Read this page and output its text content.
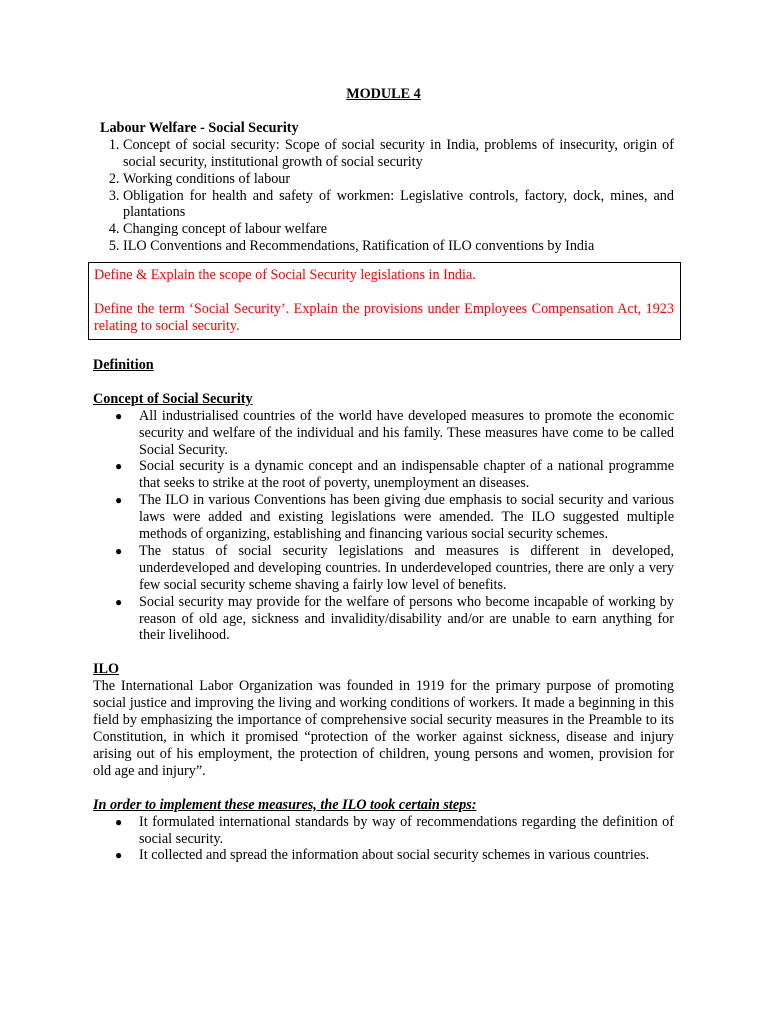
MODULE 4
Labour Welfare - Social Security
1. Concept of social security: Scope of social security in India, problems of insecurity, origin of social security, institutional growth of social security
2. Working conditions of labour
3. Obligation for health and safety of workmen: Legislative controls, factory, dock, mines, and plantations
4. Changing concept of labour welfare
5. ILO Conventions and Recommendations, Ratification of ILO conventions by India

Define & Explain the scope of Social Security legislations in India.

Define the term ‘Social Security’. Explain the provisions under Employees Compensation Act, 1923 relating to social security.

Definition
Concept of Social Security
● All industrialised countries of the world have developed measures to promote the economic security and welfare of the individual and his family. These measures have come to be called Social Security.
● Social security is a dynamic concept and an indispensable chapter of a national programme that seeks to strike at the root of poverty, unemployment an diseases.
● The ILO in various Conventions has been giving due emphasis to social security and various laws were added and existing legislations were amended. The ILO suggested multiple methods of organizing, establishing and financing various social security schemes.
● The status of social security legislations and measures is different in developed, underdeveloped and developing countries. In underdeveloped countries, there are only a very few social security scheme shaving a fairly low level of benefits.
● Social security may provide for the welfare of persons who become incapable of working by reason of old age, sickness and invalidity/disability and/or are unable to earn anything for their livelihood.
ILO

The International Labor Organization was founded in 1919 for the primary purpose of promoting social justice and improving the living and working conditions of workers. It made a beginning in this field by emphasizing the importance of comprehensive social security measures in the Preamble to its Constitution, in which it promised “protection of the worker against sickness, disease and injury arising out of his employment, the protection of children, young persons and women, provision for old age and injury”.

In order to implement these measures, the ILO took certain steps:
● It formulated international standards by way of recommendations regarding the definition of social security.
● It collected and spread the information about social security schemes in various countries.
